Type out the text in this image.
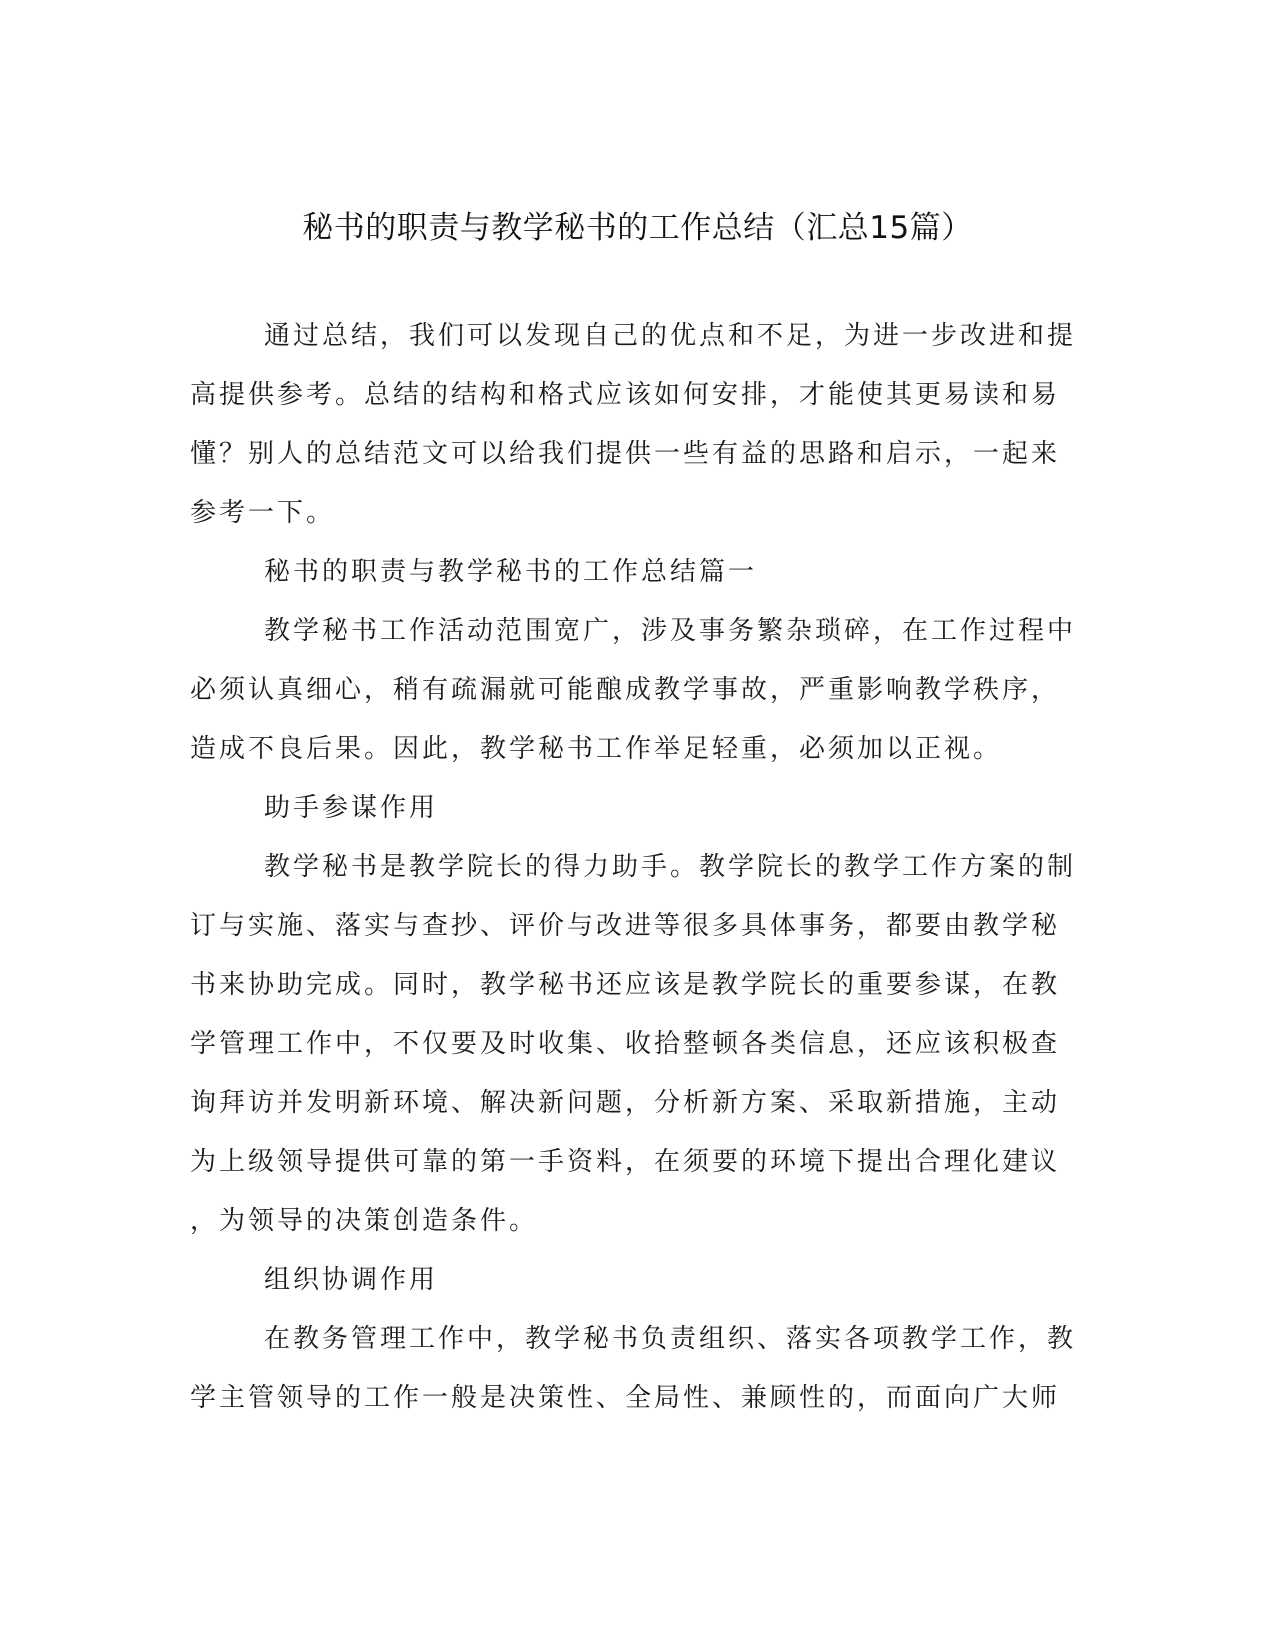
秘书的职责与教学秘书的工作总结（汇总15篇）
通过总结，我们可以发现自己的优点和不足，为进一步改进和提
高提供参考。总结的结构和格式应该如何安排，才能使其更易读和易
懂？别人的总结范文可以给我们提供一些有益的思路和启示，一起来
参考一下。
秘书的职责与教学秘书的工作总结篇一
教学秘书工作活动范围宽广，涉及事务繁杂琐碎，在工作过程中
必须认真细心，稍有疏漏就可能酿成教学事故，严重影响教学秩序，
造成不良后果。因此，教学秘书工作举足轻重，必须加以正视。
助手参谋作用
教学秘书是教学院长的得力助手。教学院长的教学工作方案的制
订与实施、落实与查抄、评价与改进等很多具体事务，都要由教学秘
书来协助完成。同时，教学秘书还应该是教学院长的重要参谋，在教
学管理工作中，不仅要及时收集、收拾整顿各类信息，还应该积极查
询拜访并发明新环境、解决新问题，分析新方案、采取新措施，主动
为上级领导提供可靠的第一手资料，在须要的环境下提出合理化建议
，为领导的决策创造条件。
组织协调作用
在教务管理工作中，教学秘书负责组织、落实各项教学工作，教
学主管领导的工作一般是决策性、全局性、兼顾性的，而面向广大师
